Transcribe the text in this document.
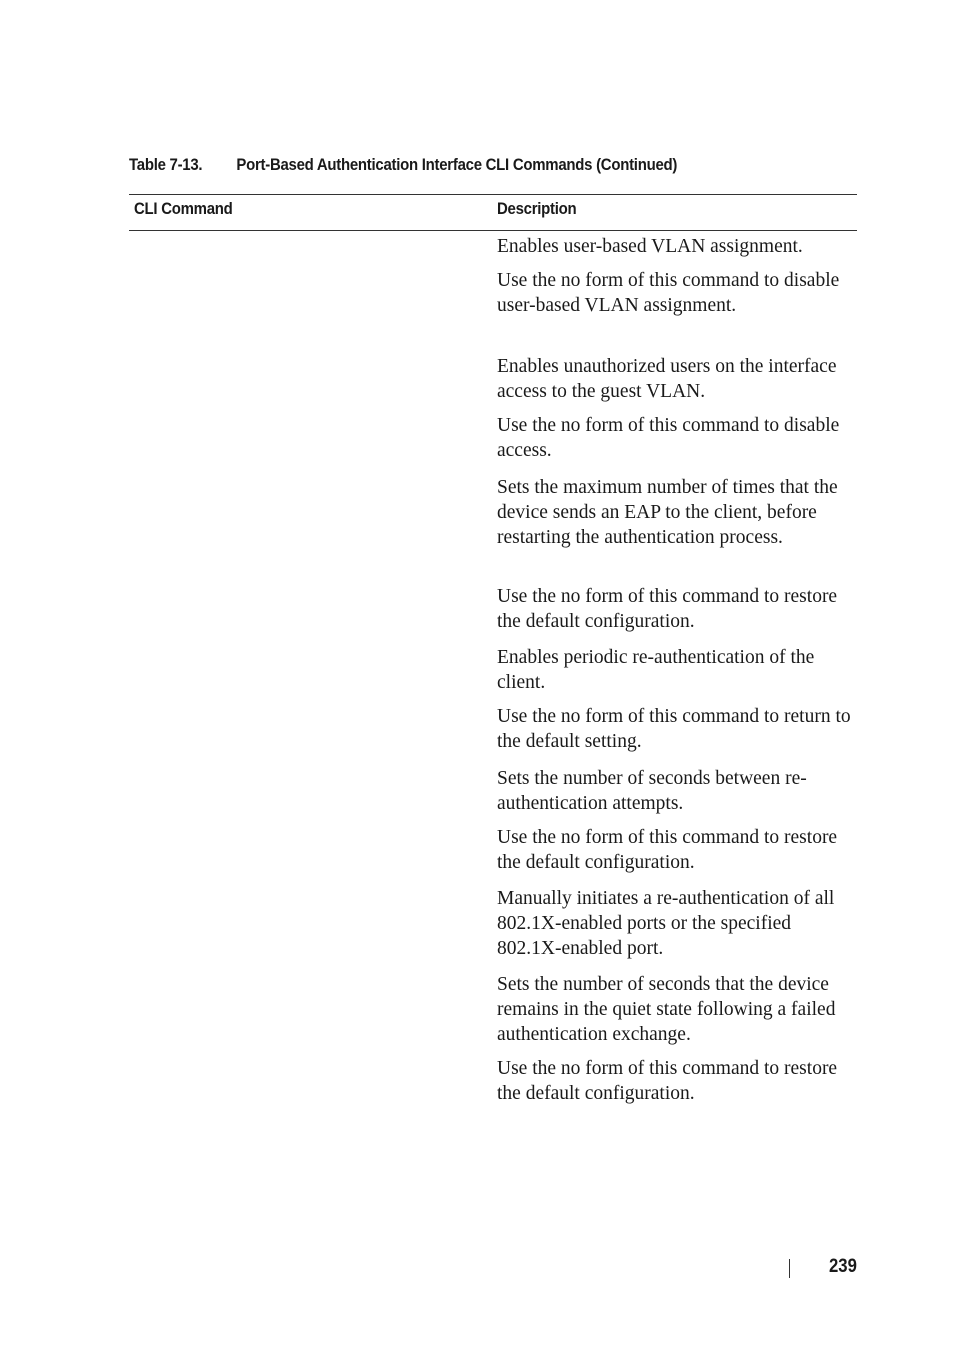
Table 7-13. Port-Based Authentication Interface CLI Commands (Continued)
CLI Command	Description

Enables user-based VLAN assignment.

Use the no form of this command to disable user-based VLAN assignment.

Enables unauthorized users on the interface access to the guest VLAN.

Use the no form of this command to disable access.

Sets the maximum number of times that the device sends an EAP to the client, before restarting the authentication process.

Use the no form of this command to restore the default configuration.

Enables periodic re-authentication of the client.

Use the no form of this command to return to the default setting.

Sets the number of seconds between re-authentication attempts.

Use the no form of this command to restore the default configuration.

Manually initiates a re-authentication of all 802.1X-enabled ports or the specified 802.1X-enabled port.

Sets the number of seconds that the device remains in the quiet state following a failed authentication exchange.

Use the no form of this command to restore the default configuration.

239
